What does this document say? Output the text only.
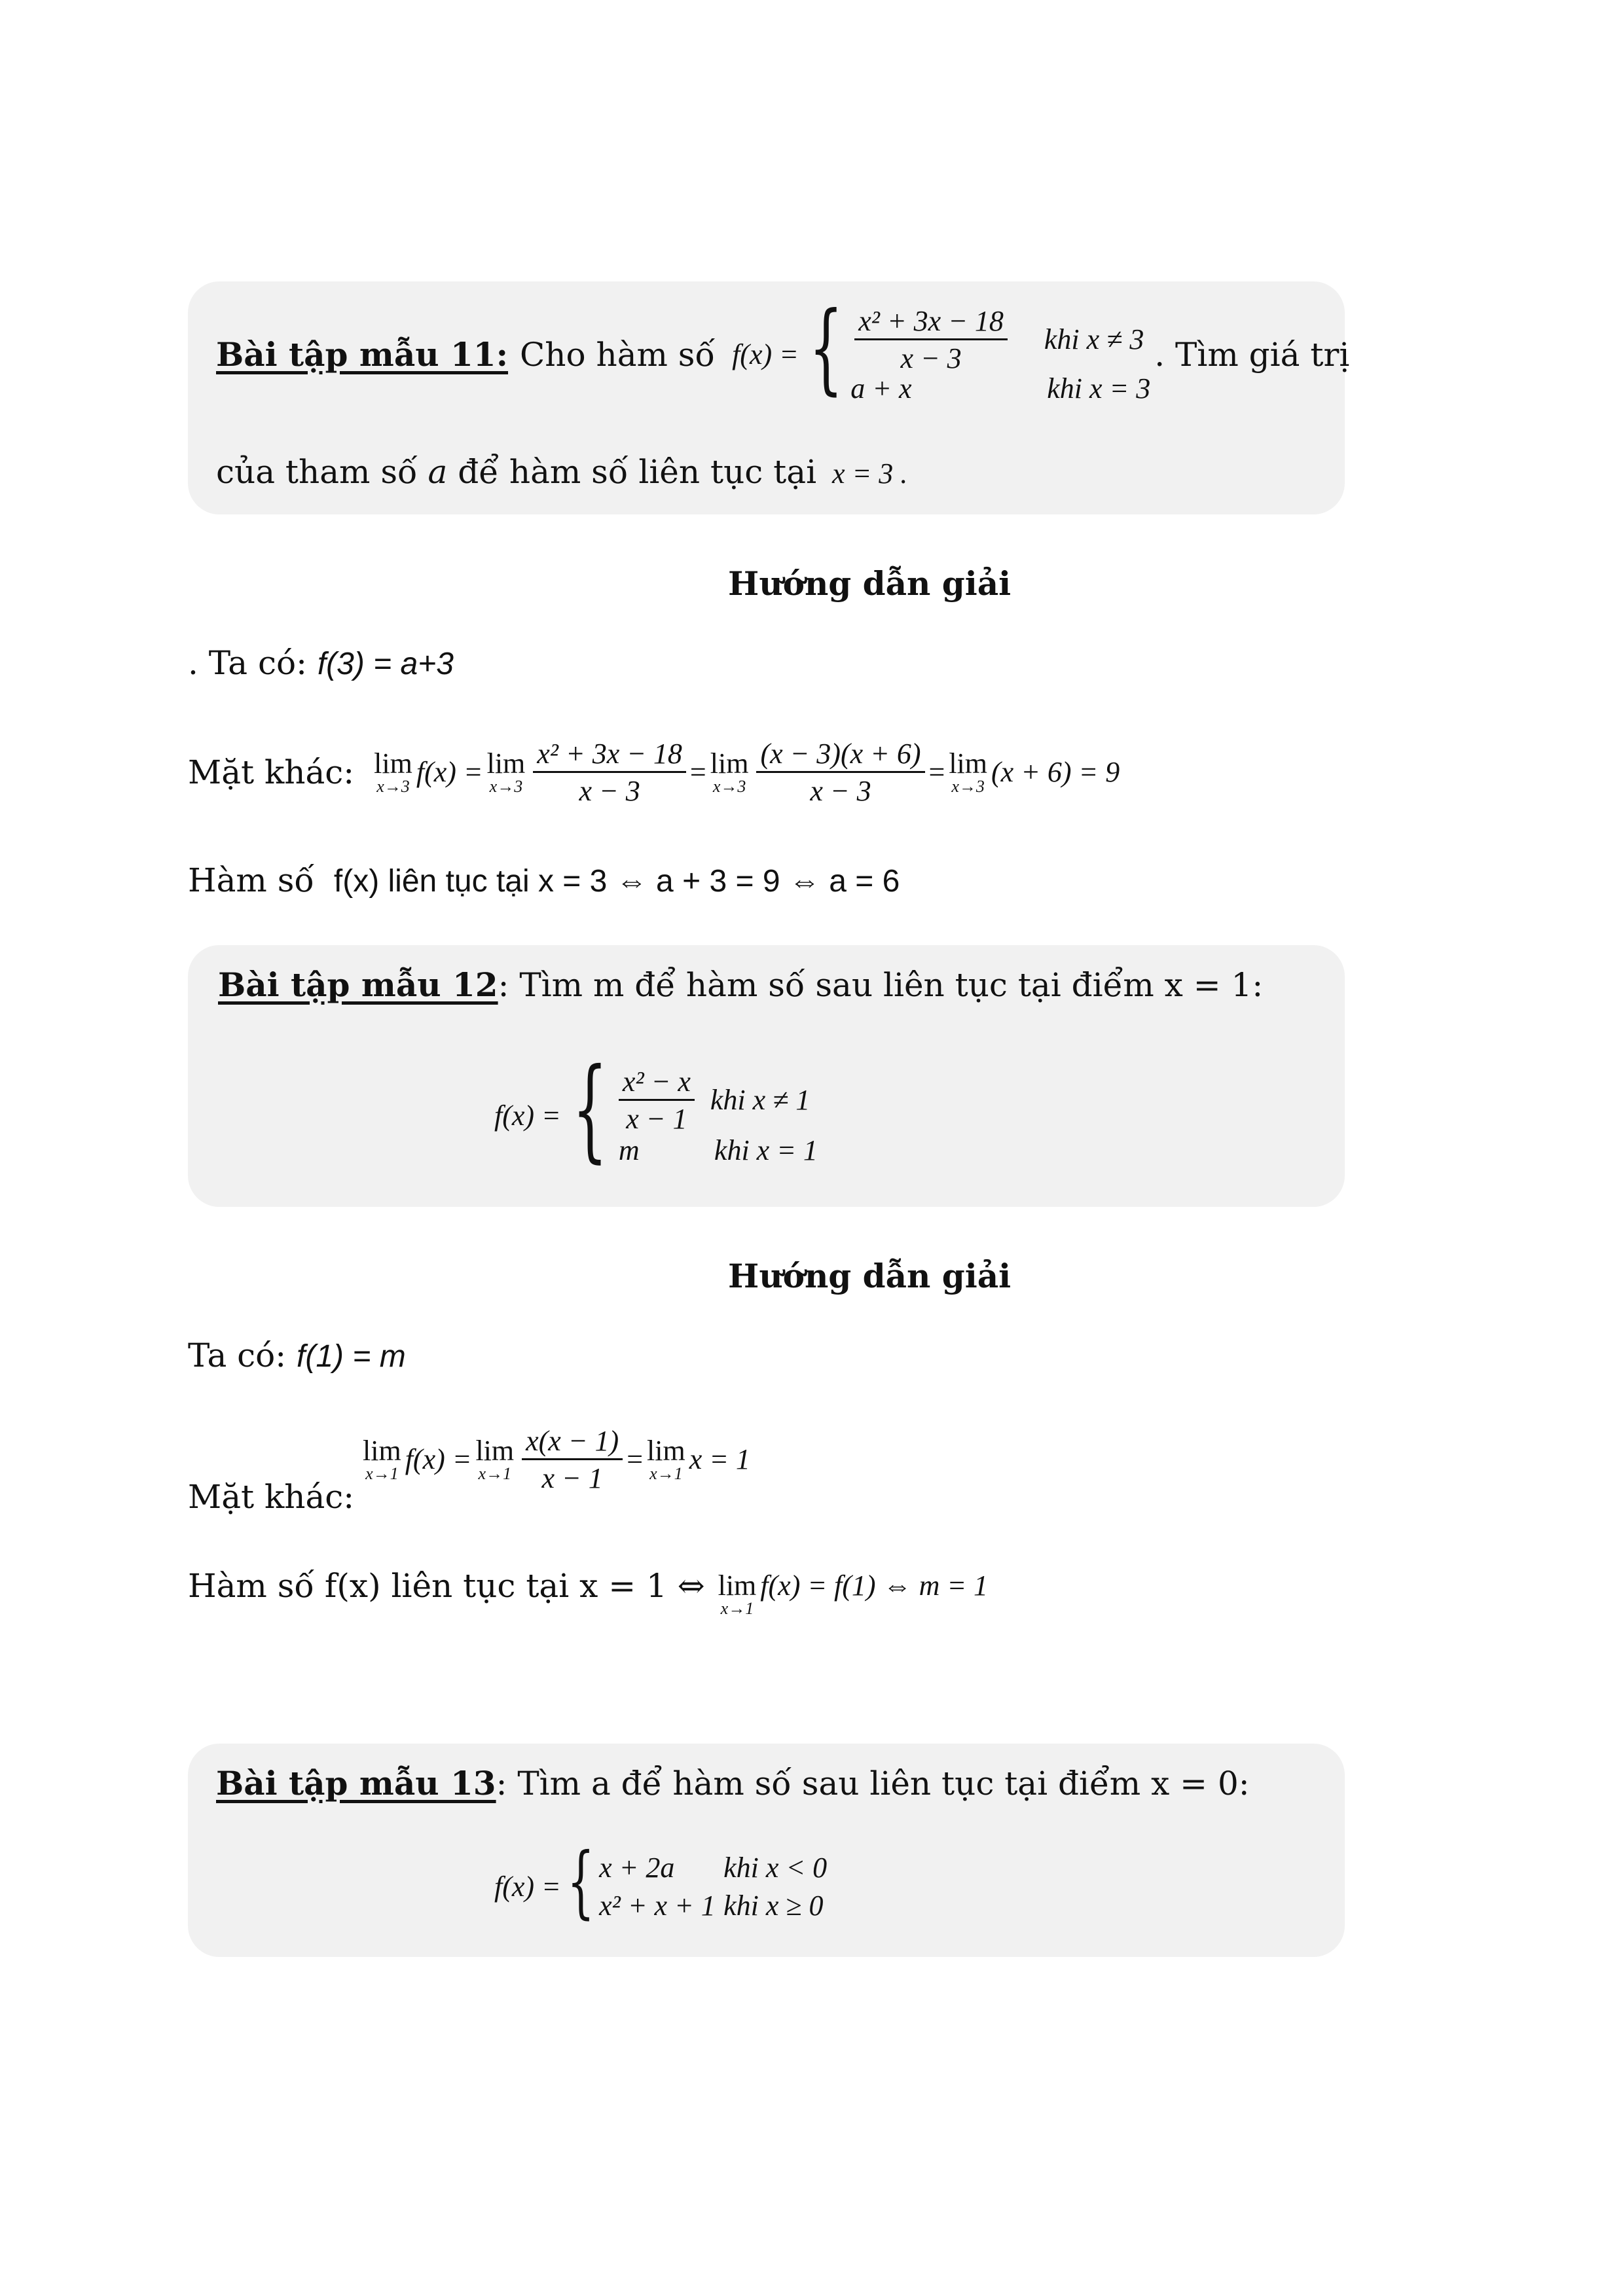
Bài tập mẫu 11: Cho hàm số f(x) = { $\frac{\text{x² + 3x − 18}}{x - 3}$ khi x ≠ 3
a + x	khi x = 3
. Tìm giá trị
của tham số a để hàm số liên tục tại x = 3 .
Hướng dẫn giải
. Ta có: f(3) = a+3
Mặt khác: lim
x→3 f(x) = lim
$x\to 3 \frac{\text{x² + 3x − 18}}{x - 3} = \lim$
$x\to 3 \frac{(x - 3)(x + 6)}{x - 3} = \lim$
x→3 (x + 6) = 9
Hàm số f(x) liên tục tại x = 3 ⇔ a + 3 = 9 ⇔ a = 6
Bài tập mẫu 12: Tìm m để hàm số sau liên tục tại điểm x = 1:
f(x) = { $\frac{\text{x² − x}}{x - 1}$ khi x ≠ 1
m	khi x = 1
Hướng dẫn giải
Ta có: f(1) = m
Mặt khác:
lim
x→1 f(x) = lim
$x\to 1 \frac{x(x - 1)}{x - 1} = \lim$
x→1 x = 1
Hàm số f(x) liên tục tại x = 1 ⇔ lim
x→1
f(x) = f(1) ⇔ m = 1
Bài tập mẫu 13: Tìm a để hàm số sau liên tục tại điểm x = 0:
f(x) = { x + 2a	khi x < 0
x² + x + 1 khi x ≥ 0
